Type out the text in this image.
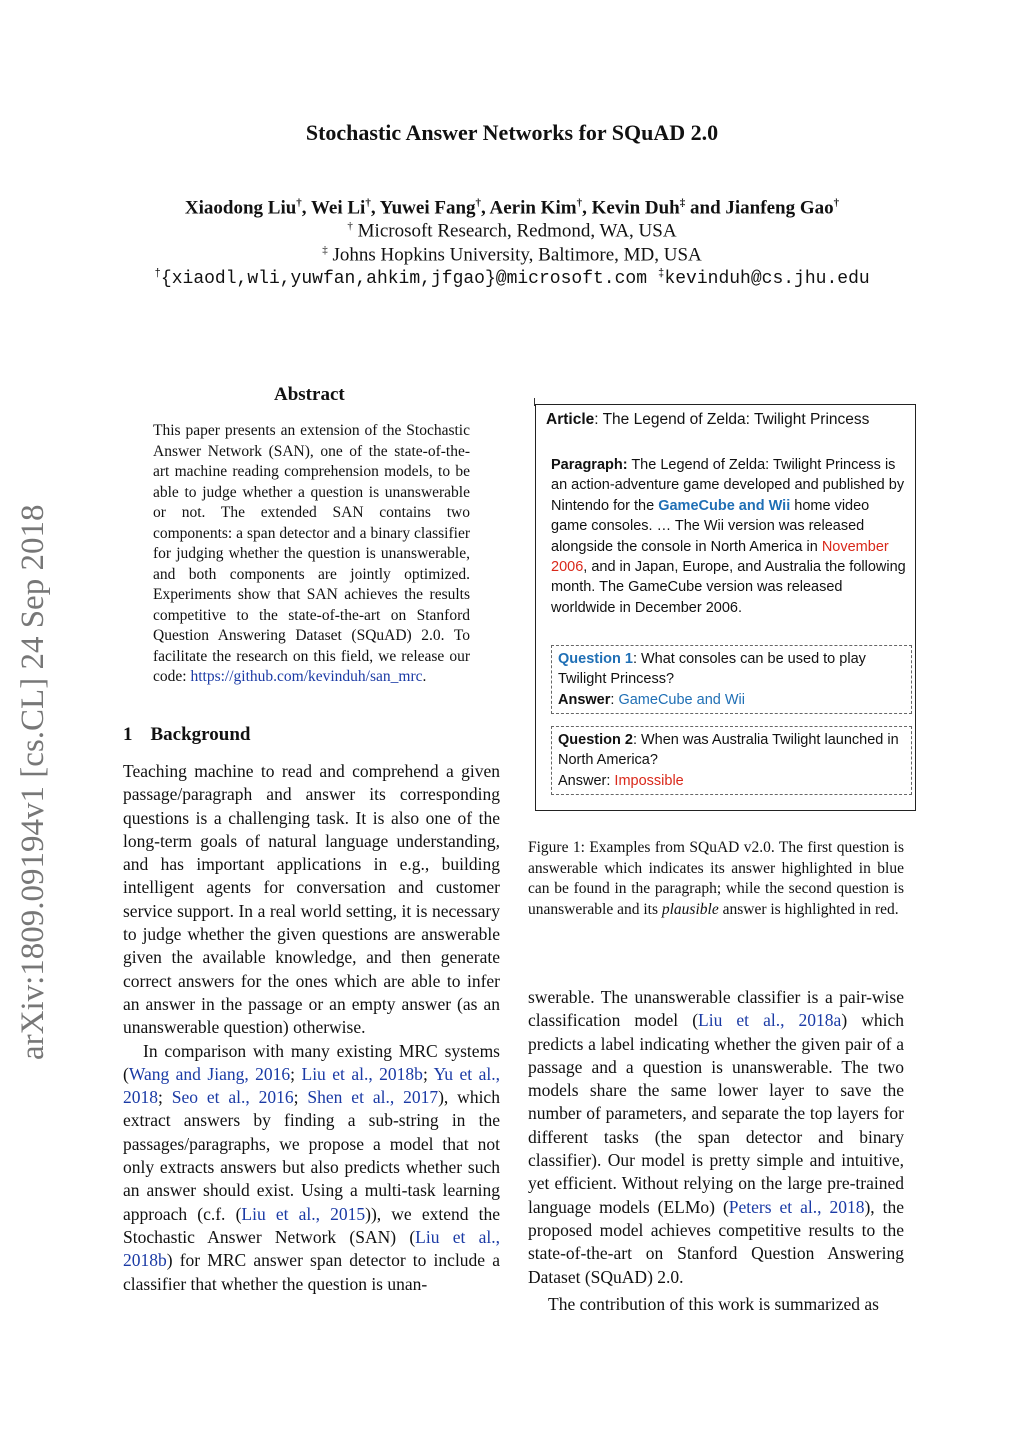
Stochastic Answer Networks for SQuAD 2.0
Xiaodong Liu†, Wei Li†, Yuwei Fang†, Aerin Kim†, Kevin Duh‡ and Jianfeng Gao†
† Microsoft Research, Redmond, WA, USA
‡ Johns Hopkins University, Baltimore, MD, USA
†{xiaodl,wli,yuwfan,ahkim,jfgao}@microsoft.com ‡kevinduh@cs.jhu.edu
arXiv:1809.09194v1 [cs.CL] 24 Sep 2018
Abstract
This paper presents an extension of the Stochastic Answer Network (SAN), one of the state-of-the-art machine reading comprehension models, to be able to judge whether a question is unanswerable or not. The extended SAN contains two components: a span detector and a binary classifier for judging whether the question is unanswerable, and both components are jointly optimized. Experiments show that SAN achieves the results competitive to the state-of-the-art on Stanford Question Answering Dataset (SQuAD) 2.0. To facilitate the research on this field, we release our code: https://github.com/kevinduh/san_mrc.
1 Background

Teaching machine to read and comprehend a given passage/paragraph and answer its corresponding questions is a challenging task. It is also one of the long-term goals of natural language understanding, and has important applications in e.g., building intelligent agents for conversation and customer service support. In a real world setting, it is necessary to judge whether the given questions are answerable given the available knowledge, and then generate correct answers for the ones which are able to infer an answer in the passage or an empty answer (as an unanswerable question) otherwise.

In comparison with many existing MRC systems (Wang and Jiang, 2016; Liu et al., 2018b; Yu et al., 2018; Seo et al., 2016; Shen et al., 2017), which extract answers by finding a sub-string in the passages/paragraphs, we propose a model that not only extracts answers but also predicts whether such an answer should exist. Using a multi-task learning approach (c.f. (Liu et al., 2015)), we extend the Stochastic Answer Network (SAN) (Liu et al., 2018b) for MRC answer span detector to include a classifier that whether the question is unan-

Article: The Legend of Zelda: Twilight Princess
Paragraph: The Legend of Zelda: Twilight Princess is an action-adventure game developed and published by Nintendo for the GameCube and Wii home video game consoles. … The Wii version was released alongside the console in North America in November 2006, and in Japan, Europe, and Australia the following month. The GameCube version was released worldwide in December 2006.
Question 1: What consoles can be used to play Twilight Princess?
Answer: GameCube and Wii
Question 2: When was Australia Twilight launched in North America?
Answer: Impossible
Figure 1: Examples from SQuAD v2.0. The first question is answerable which indicates its answer highlighted in blue can be found in the paragraph; while the second question is unanswerable and its plausible answer is highlighted in red.

swerable. The unanswerable classifier is a pair-wise classification model (Liu et al., 2018a) which predicts a label indicating whether the given pair of a passage and a question is unanswerable. The two models share the same lower layer to save the number of parameters, and separate the top layers for different tasks (the span detector and binary classifier). Our model is pretty simple and intuitive, yet efficient. Without relying on the large pre-trained language models (ELMo) (Peters et al., 2018), the proposed model achieves competitive results to the state-of-the-art on Stanford Question Answering Dataset (SQuAD) 2.0.

The contribution of this work is summarized as
